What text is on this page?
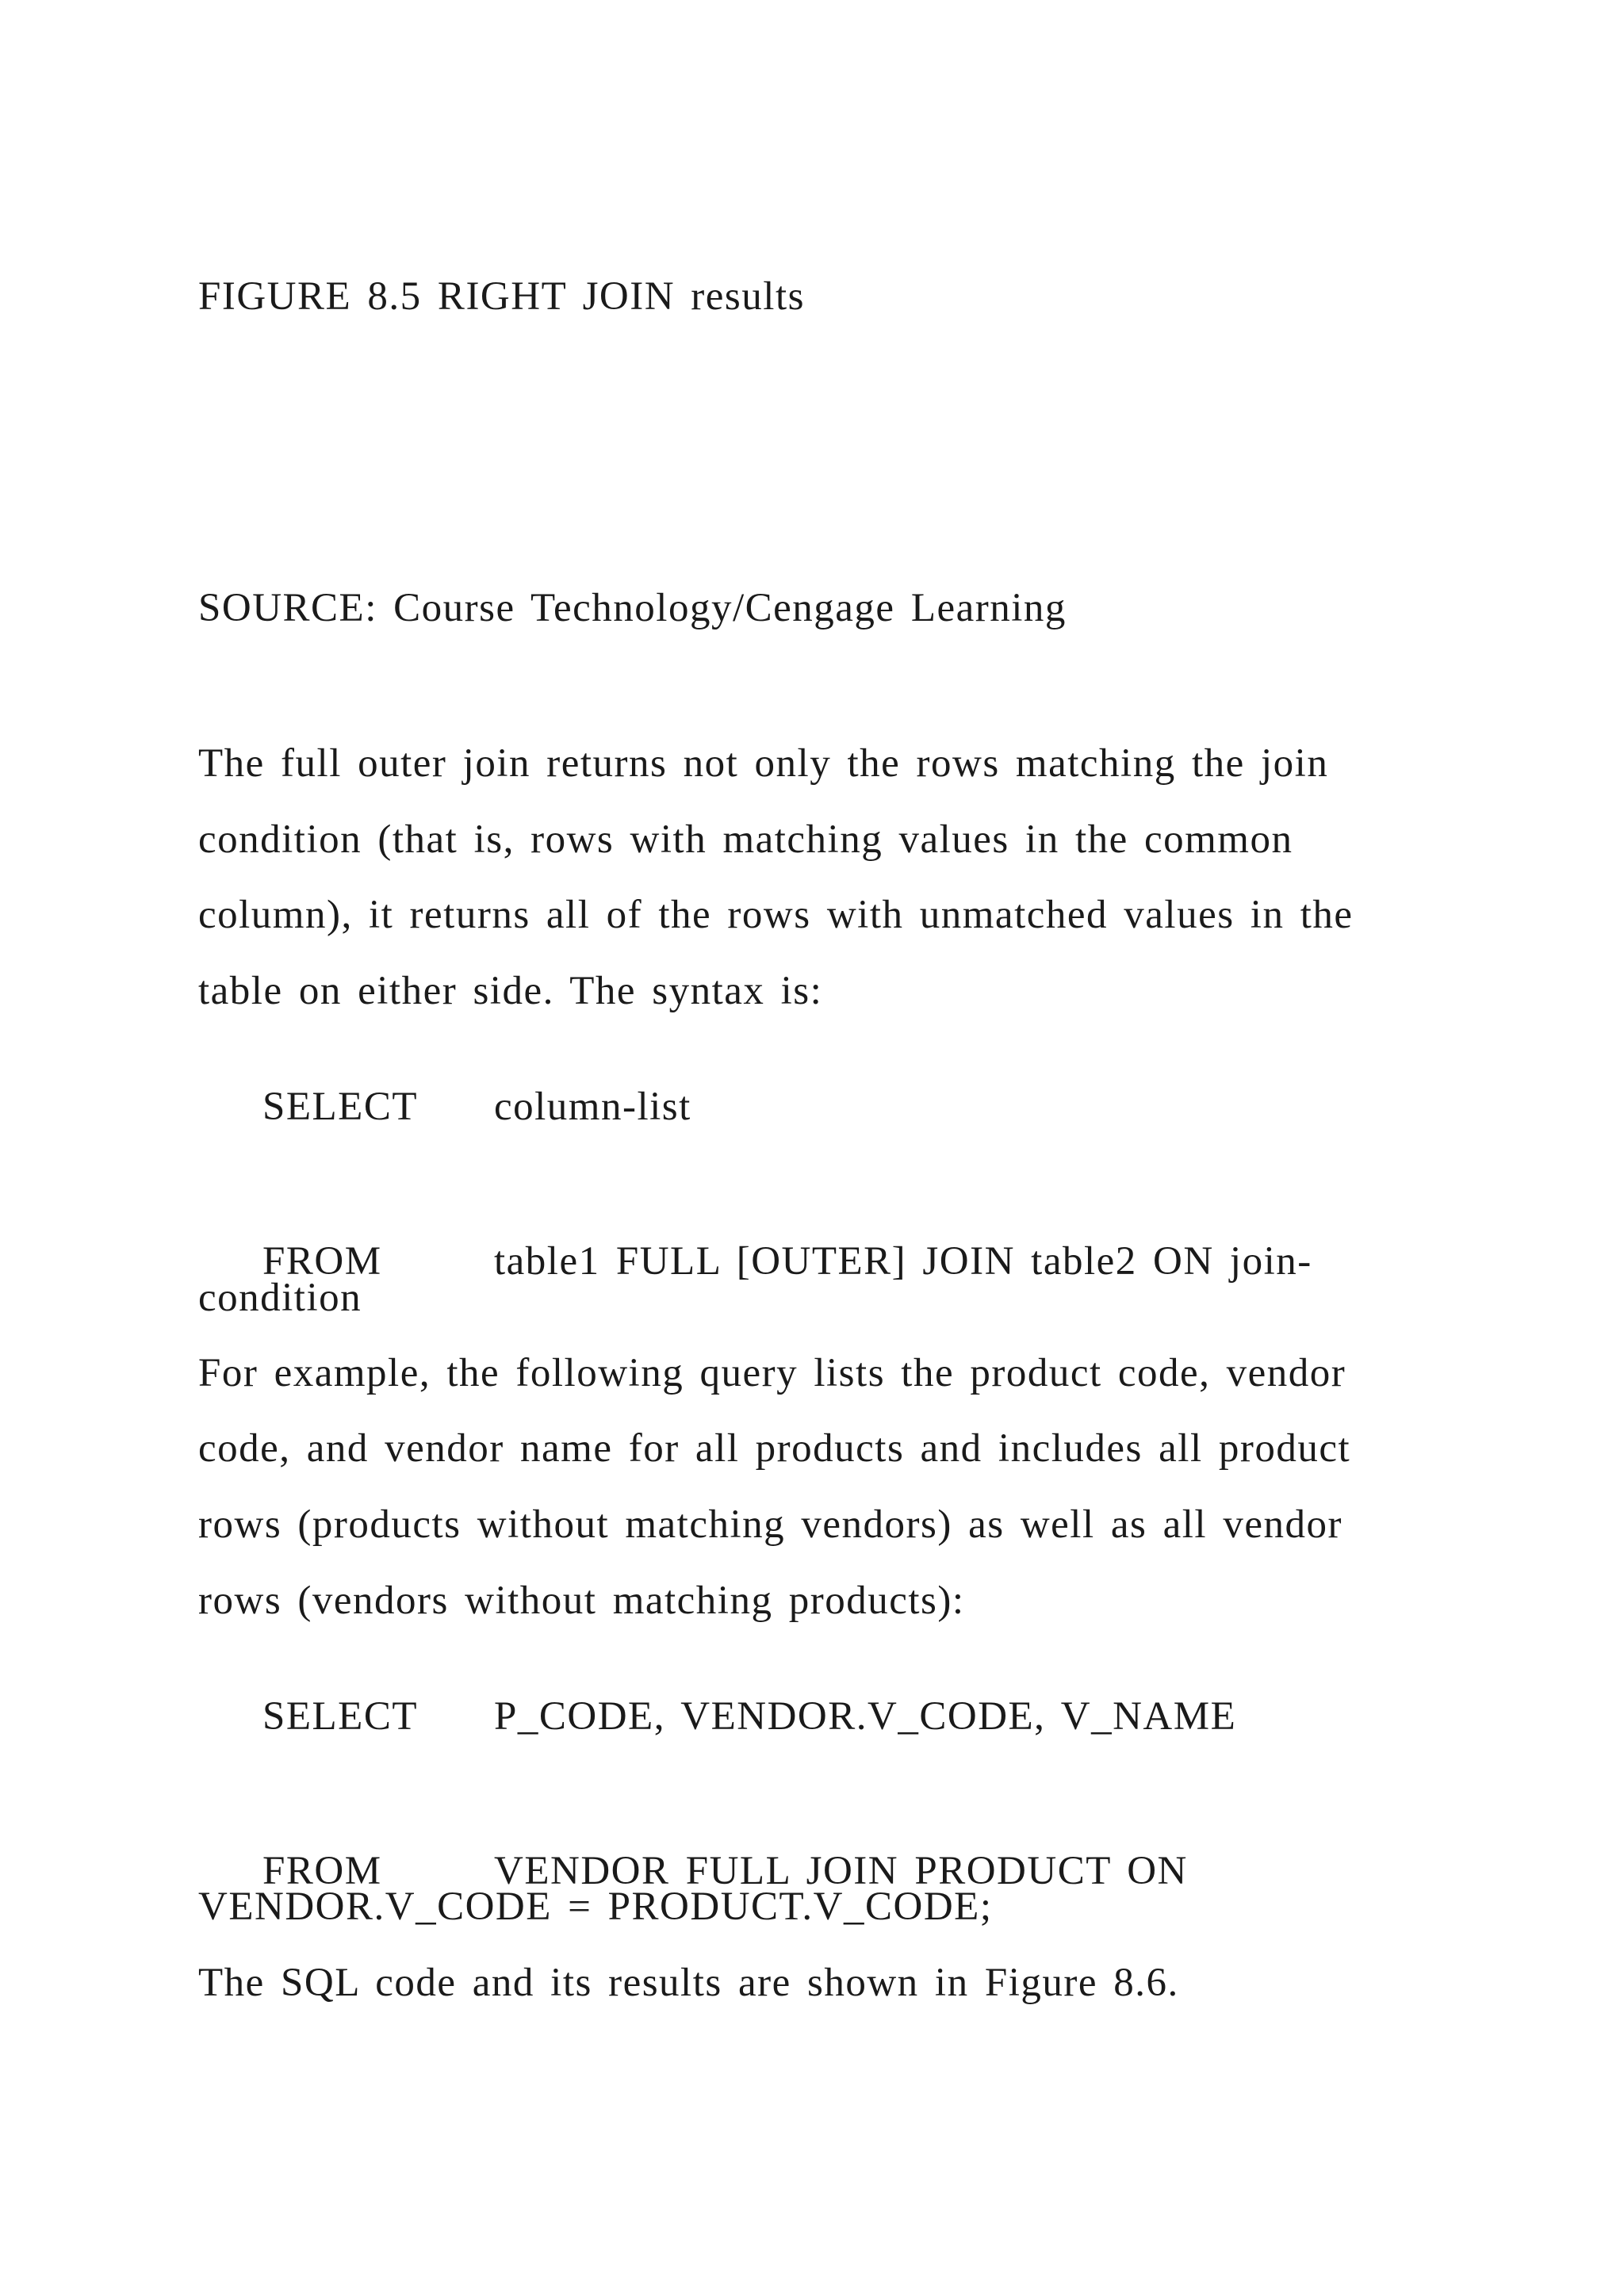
FIGURE 8.5 RIGHT JOIN results
SOURCE: Course Technology/Cengage Learning
The full outer join returns not only the rows matching the join
condition (that is, rows with matching values in the common
column), it returns all of the rows with unmatched values in the
table on either side. The syntax is:

SELECT column-list

FROM	table1 FULL [OUTER] JOIN table2 ON join-

condition
For example, the following query lists the product code, vendor
code, and vendor name for all products and includes all product
rows (products without matching vendors) as well as all vendor
rows (vendors without matching products):

SELECT P_CODE, VENDOR.V_CODE, V_NAME

FROM	VENDOR FULL JOIN PRODUCT ON

VENDOR.V_CODE = PRODUCT.V_CODE;
The SQL code and its results are shown in Figure 8.6.
